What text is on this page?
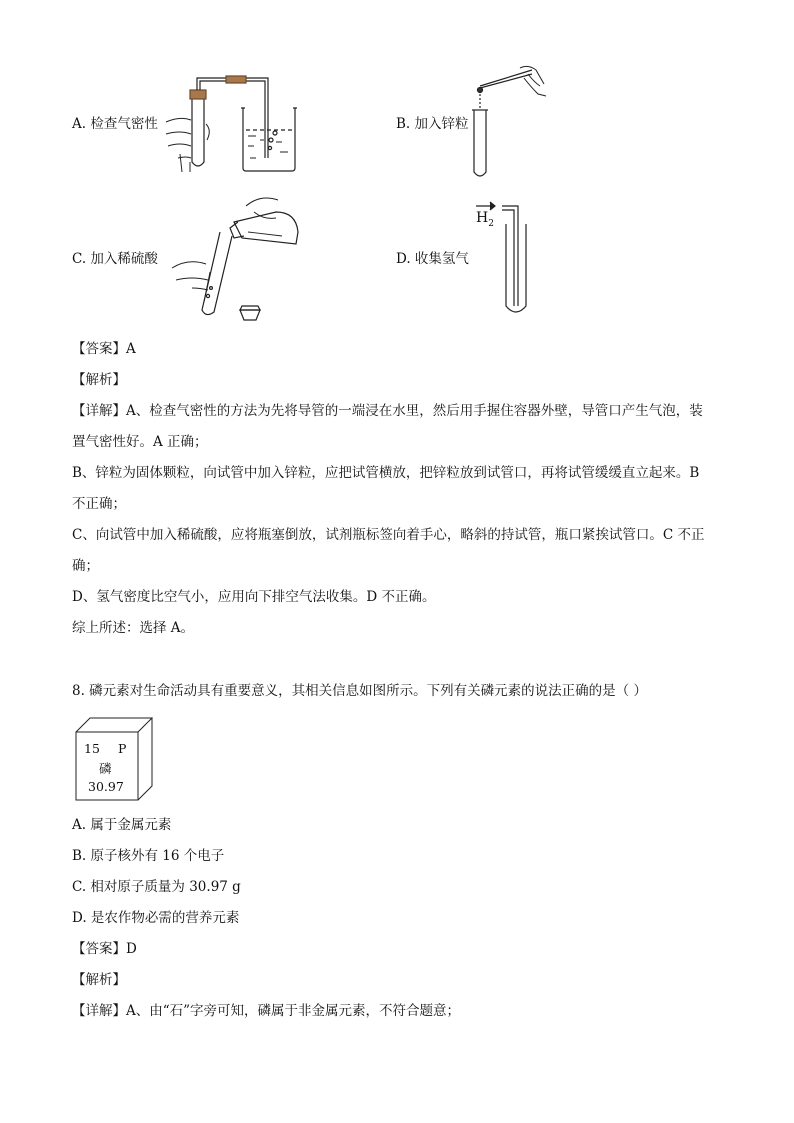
A. 检查气密性	B. 加入锌粒
C. 加入稀硫酸	D. 收集氢气
$H_2$
【答案】A
【解析】
【详解】A、检查气密性的方法为先将导管的一端浸在水里，然后用手握住容器外壁，导管口产生气泡，装
置气密性好。A 正确；
B、锌粒为固体颗粒，向试管中加入锌粒，应把试管横放，把锌粒放到试管口，再将试管缓缓直立起来。B
不正确；
C、向试管中加入稀硫酸，应将瓶塞倒放，试剂瓶标签向着手心，略斜的持试管，瓶口紧挨试管口。C 不正
确；
D、氢气密度比空气小，应用向下排空气法收集。D 不正确。
综上所述：选择 A。
8. 磷元素对生命活动具有重要意义，其相关信息如图所示。下列有关磷元素的说法正确的是（ ）
15 P
磷
30.97
A. 属于金属元素
B. 原子核外有 16 个电子
C. 相对原子质量为 30.97 g
D. 是农作物必需的营养元素
【答案】D
【解析】
【详解】A、由“石”字旁可知，磷属于非金属元素，不符合题意；
